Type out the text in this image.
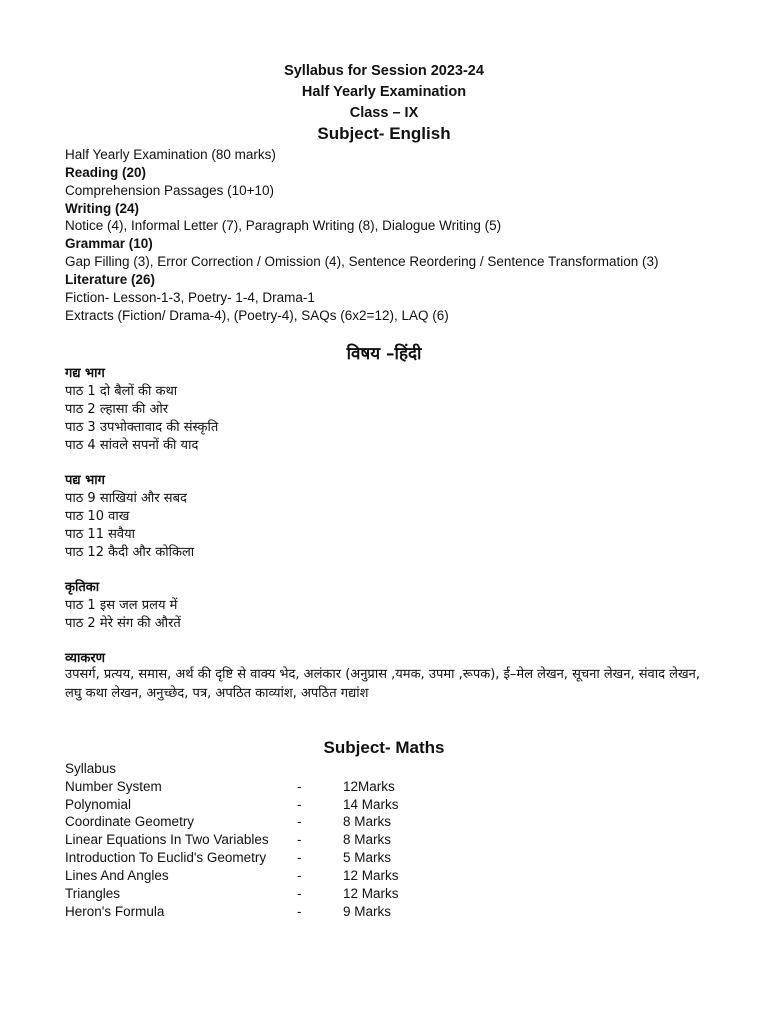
Syllabus for Session 2023-24
Half Yearly Examination
Class – IX
Subject- English
Half Yearly Examination (80 marks)
Reading (20)
Comprehension Passages (10+10)
Writing (24)
Notice (4), Informal Letter (7), Paragraph Writing (8), Dialogue Writing (5)
Grammar (10)
Gap Filling (3), Error Correction / Omission (4), Sentence Reordering / Sentence Transformation (3)
Literature (26)
Fiction- Lesson-1-3, Poetry- 1-4, Drama-1
Extracts (Fiction/ Drama-4), (Poetry-4), SAQs (6x2=12), LAQ (6)
विषय –हिंदी
गद्य भाग
पाठ 1 दो बैलों की कथा
पाठ 2 ल्हासा की ओर
पाठ 3 उपभोक्तावाद की संस्कृति
पाठ 4 सांवले सपनों की याद
पद्य भाग
पाठ 9 साखियां और सबद
पाठ 10 वाख
पाठ 11 सवैया
पाठ 12 कैदी और कोकिला
कृतिका
पाठ 1 इस जल प्रलय में
पाठ 2 मेरे संग की औरतें
व्याकरण
उपसर्ग, प्रत्यय, समास, अर्थ की दृष्टि से वाक्य भेद, अलंकार (अनुप्रास ,यमक, उपमा ,रूपक), ई–मेल लेखन, सूचना लेखन, संवाद लेखन, लघु कथा लेखन, अनुच्छेद, पत्र, अपठित काव्यांश, अपठित गद्यांश
Subject- Maths
Syllabus
Number System	-	12Marks
Polynomial	-	14 Marks
Coordinate Geometry	-	8 Marks
Linear Equations In Two Variables -	8 Marks
Introduction To Euclid's Geometry -	5 Marks
Lines And Angles	-	12 Marks
Triangles	-	12 Marks
Heron's Formula	-	9 Marks
